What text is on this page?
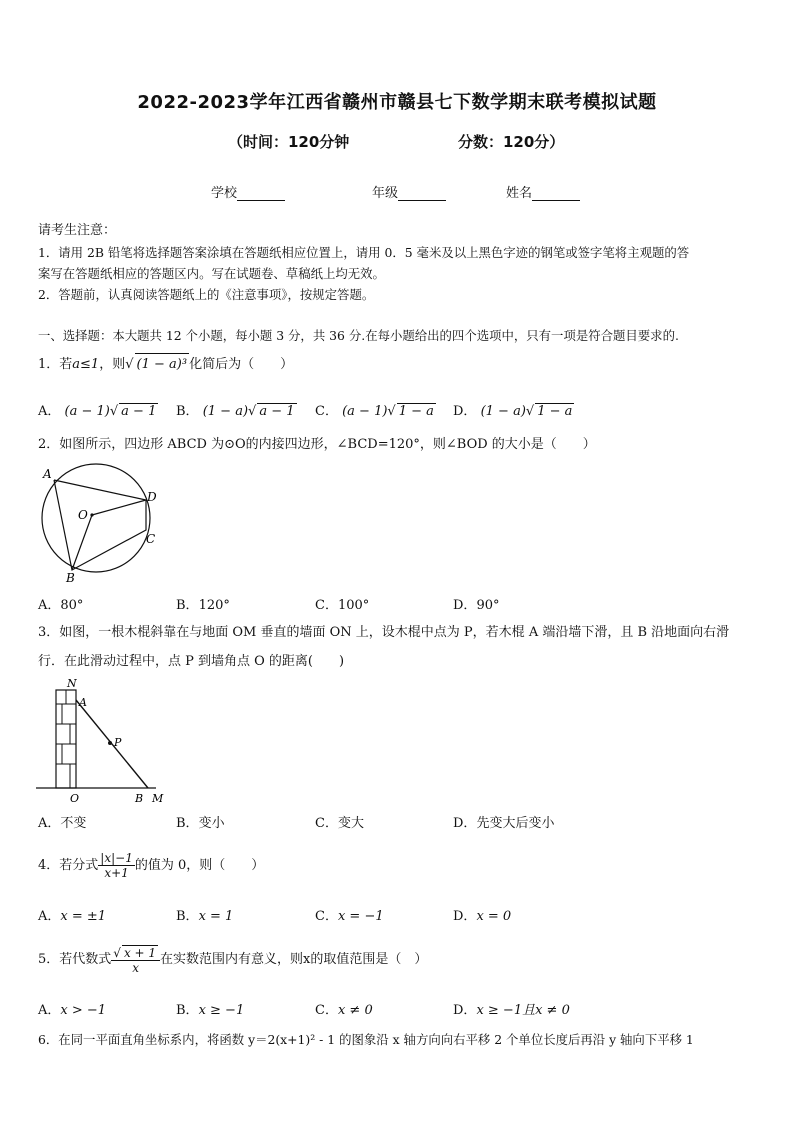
2022-2023学年江西省赣州市赣县七下数学期末联考模拟试题
（时间：120分钟	分数：120分）
学校	年级	姓名
请考生注意：
1．请用 2B 铅笔将选择题答案涂填在答题纸相应位置上，请用 0．5 毫米及以上黑色字迹的钢笔或签字笔将主观题的答
案写在答题纸相应的答题区内。写在试题卷、草稿纸上均无效。
2．答题前，认真阅读答题纸上的《注意事项》，按规定答题。
一、选择题：本大题共 12 个小题，每小题 3 分，共 36 分.在每小题给出的四个选项中，只有一项是符合题目要求的.
1．若a≤1，则√ (1 − a)³ 化简后为（　　）
A． (a − 1)√ a − 1 B． (1 − a)√ a − 1 C． (a − 1)√ 1 − a D． (1 − a)√ 1 − a
2．如图所示，四边形 ABCD 为⊙O的内接四边形，∠BCD=120°，则∠BOD 的大小是（　　）
A
D
C
B
O
A．80°	B．120°	C．100°	D．90°
3．如图，一根木棍斜靠在与地面 OM 垂直的墙面 ON 上，设木棍中点为 P，若木棍 A 端沿墙下滑，且 B 沿地面向右滑
行．在此滑动过程中，点 P 到墙角点 O 的距离(　　)
N
A
P
O	B M
A．不变	B．变小	C．变大	D．先变大后变小
4．若分式 $\frac{|x|-1}{x+1}$ 的值为 0，则（　　）
A．x = ±1	B．x = 1	C．x = −1	D．x = 0
5．若代数式 $\frac{√ x + 1}{x}$ 在实数范围内有意义，则x的取值范围是（　）
A．x > −1	B．x ≥ −1	C．x ≠ 0	D．x ≥ −1且x ≠ 0
6．在同一平面直角坐标系内，将函数 y＝2(x+1)² - 1 的图象沿 x 轴方向向右平移 2 个单位长度后再沿 y 轴向下平移 1
